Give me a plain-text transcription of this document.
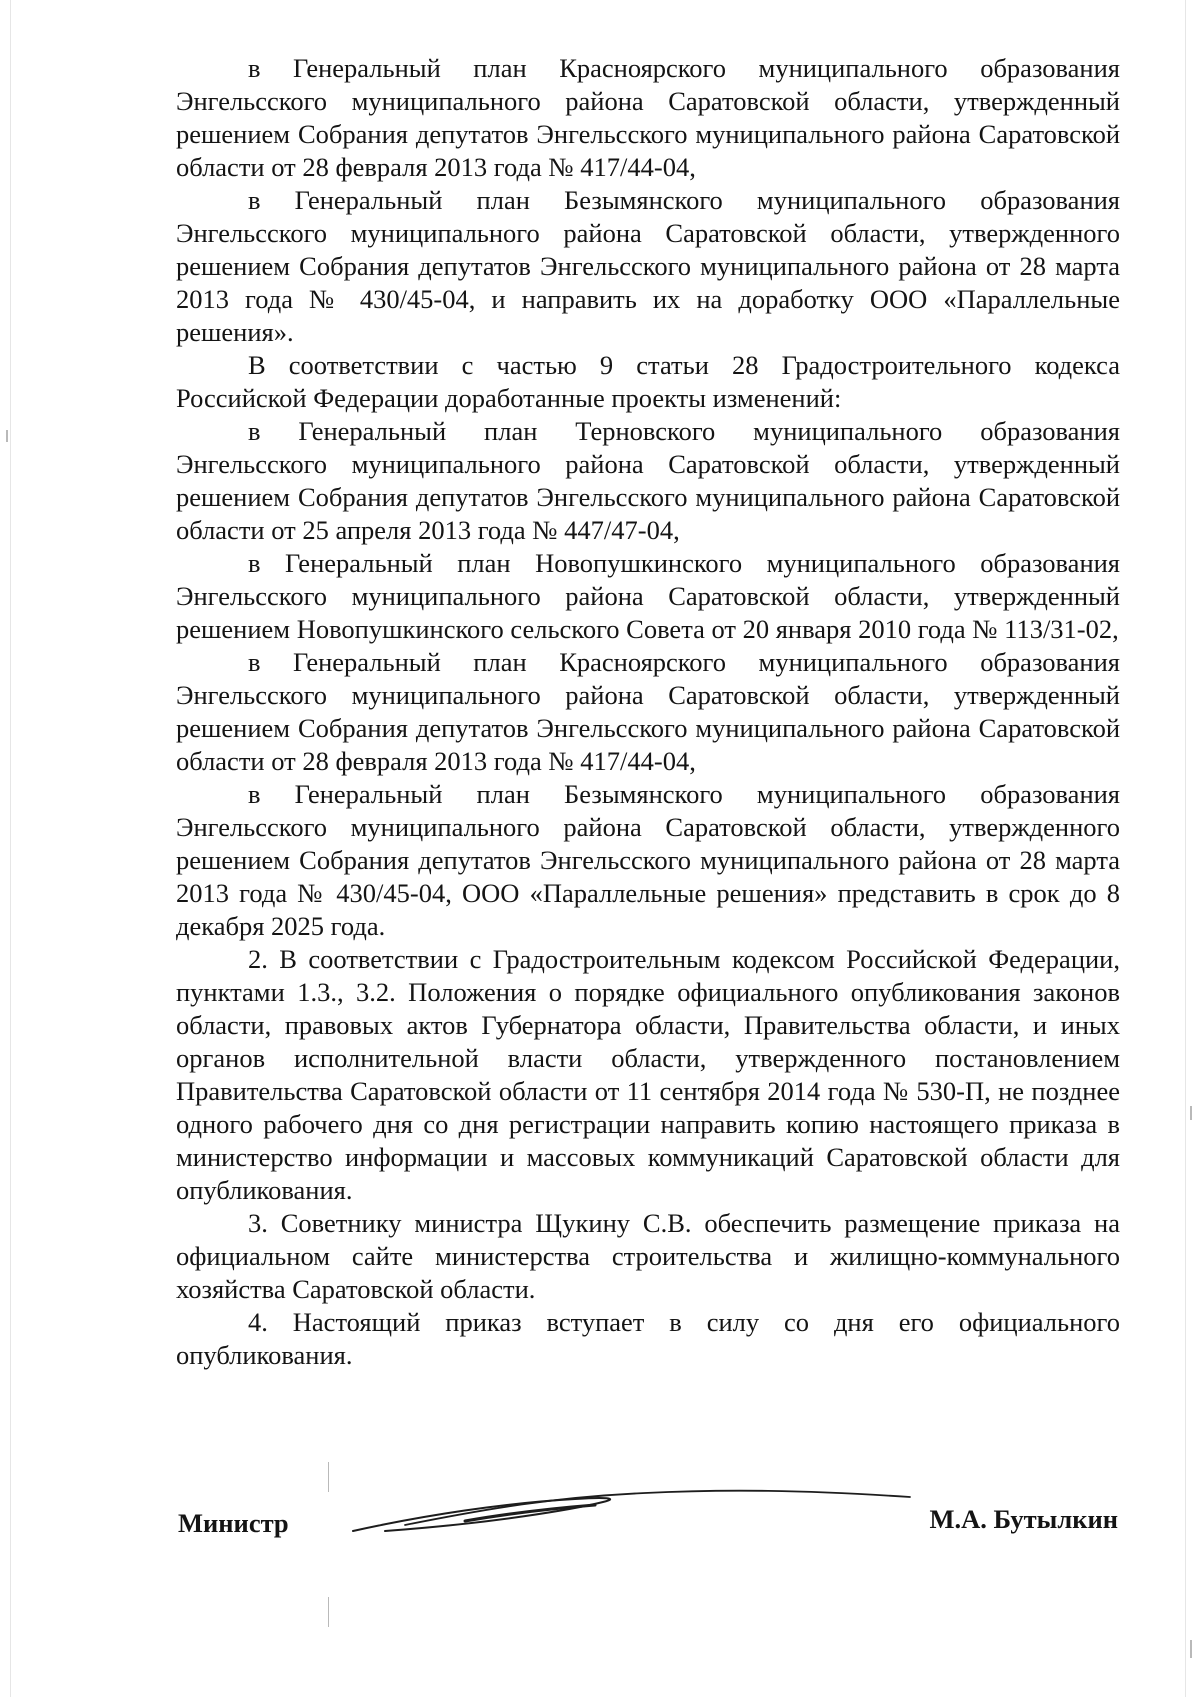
в Генеральный план Красноярского муниципального образования Энгельсского муниципального района Саратовской области, утвержденный решением Собрания депутатов Энгельсского муниципального района Саратовской области от 28 февраля 2013 года № 417/44-04,

в Генеральный план Безымянского муниципального образования Энгельсского муниципального района Саратовской области, утвержденного решением Собрания депутатов Энгельсского муниципального района от 28 марта 2013 года № 430/45-04, и направить их на доработку ООО «Параллельные решения».

В соответствии с частью 9 статьи 28 Градостроительного кодекса Российской Федерации доработанные проекты изменений:

в Генеральный план Терновского муниципального образования Энгельсского муниципального района Саратовской области, утвержденный решением Собрания депутатов Энгельсского муниципального района Саратовской области от 25 апреля 2013 года № 447/47-04,

в Генеральный план Новопушкинского муниципального образования Энгельсского муниципального района Саратовской области, утвержденный решением Новопушкинского сельского Совета от 20 января 2010 года № 113/31-02,

в Генеральный план Красноярского муниципального образования Энгельсского муниципального района Саратовской области, утвержденный решением Собрания депутатов Энгельсского муниципального района Саратовской области от 28 февраля 2013 года № 417/44-04,

в Генеральный план Безымянского муниципального образования Энгельсского муниципального района Саратовской области, утвержденного решением Собрания депутатов Энгельсского муниципального района от 28 марта 2013 года № 430/45-04, ООО «Параллельные решения» представить в срок до 8 декабря 2025 года.

2. В соответствии с Градостроительным кодексом Российской Федерации, пунктами 1.3., 3.2. Положения о порядке официального опубликования законов области, правовых актов Губернатора области, Правительства области, и иных органов исполнительной власти области, утвержденного постановлением Правительства Саратовской области от 11 сентября 2014 года № 530-П, не позднее одного рабочего дня со дня регистрации направить копию настоящего приказа в министерство информации и массовых коммуникаций Саратовской области для опубликования.

3. Советнику министра Щукину С.В. обеспечить размещение приказа на официальном сайте министерства строительства и жилищно-коммунального хозяйства Саратовской области.

4. Настоящий приказ вступает в силу со дня его официального опубликования.

Министр	М.А. Бутылкин
